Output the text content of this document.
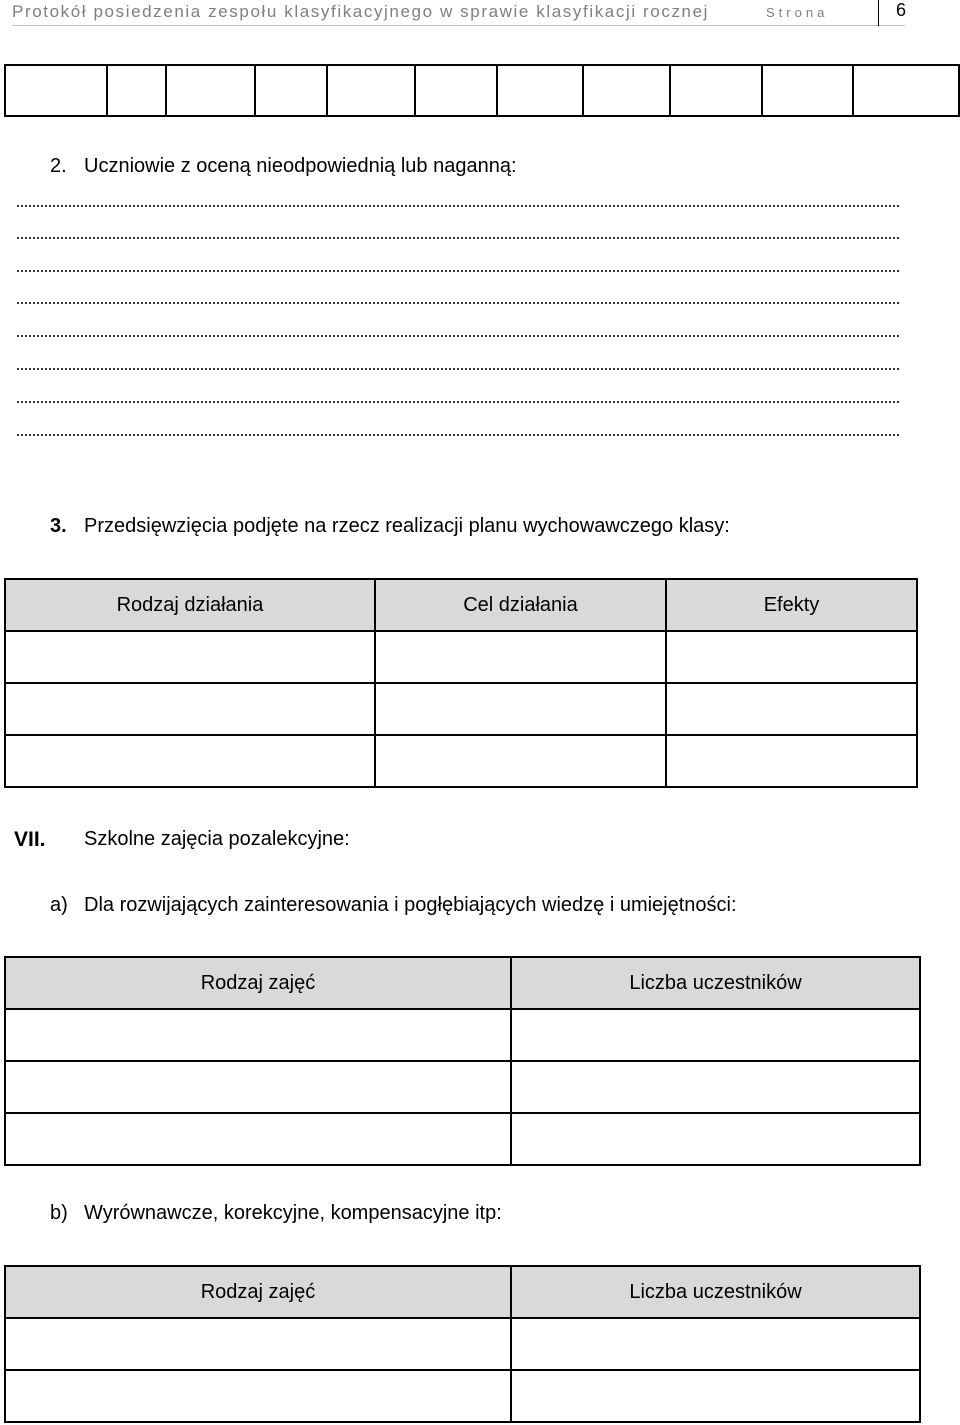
Protokół posiedzenia zespołu klasyfikacyjnego w sprawie klasyfikacji rocznej	Strona	6

2. Uczniowie z oceną nieodpowiednią lub naganną:
3. Przedsięwzięcia podjęte na rzecz realizacji planu wychowawczego klasy:
Rodzaj działania	Cel działania	Efekty

VII. Szkolne zajęcia pozalekcyjne:
a) Dla rozwijających zainteresowania i pogłębiających wiedzę i umiejętności:
Rodzaj zajęć	Liczba uczestników

b) Wyrównawcze, korekcyjne, kompensacyjne itp:
Rodzaj zajęć	Liczba uczestników
